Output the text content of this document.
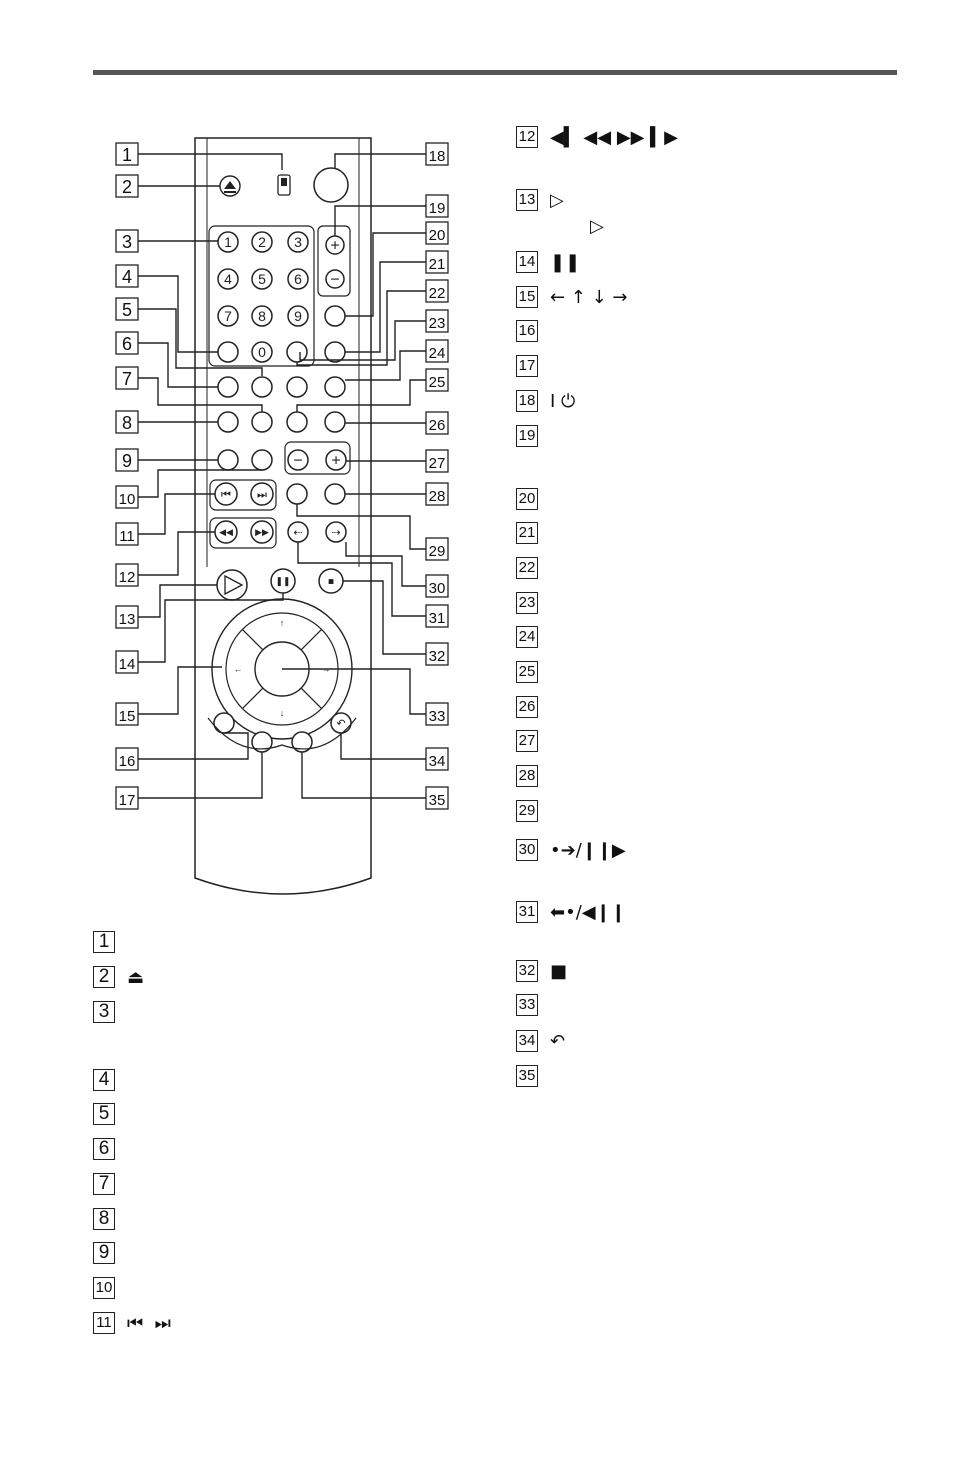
1 2 3
4 5 6
7 8 9
0
+
−
− +
⏮ ⏭
◀◀ ▶▶ ⇠	⇢
❚❚	■
↑
↓
←	→
↶
1
2
3
4
5
6
7
8
9
10
11
12
13
14
15
16
17
18
19
20
21
22
23
24
25
26
27
28
29
30
31
32
33
34
35
1
2 ⏏
3
4
5
6
7
8
9
10
11 ⏮  ⏭
12 ◀▍ ◀◀ ▶▶ ▍▶
13 ▷
14 ❚❚
15 ← ↑ ↓ →
16
17
18 I ⏻
19
20
21
22
23
24
25
26
27
28
29
30 •➔/❙❙▶
31 ⬅•/◀❙❙
32 ■
33
34 ↶
35
▷
